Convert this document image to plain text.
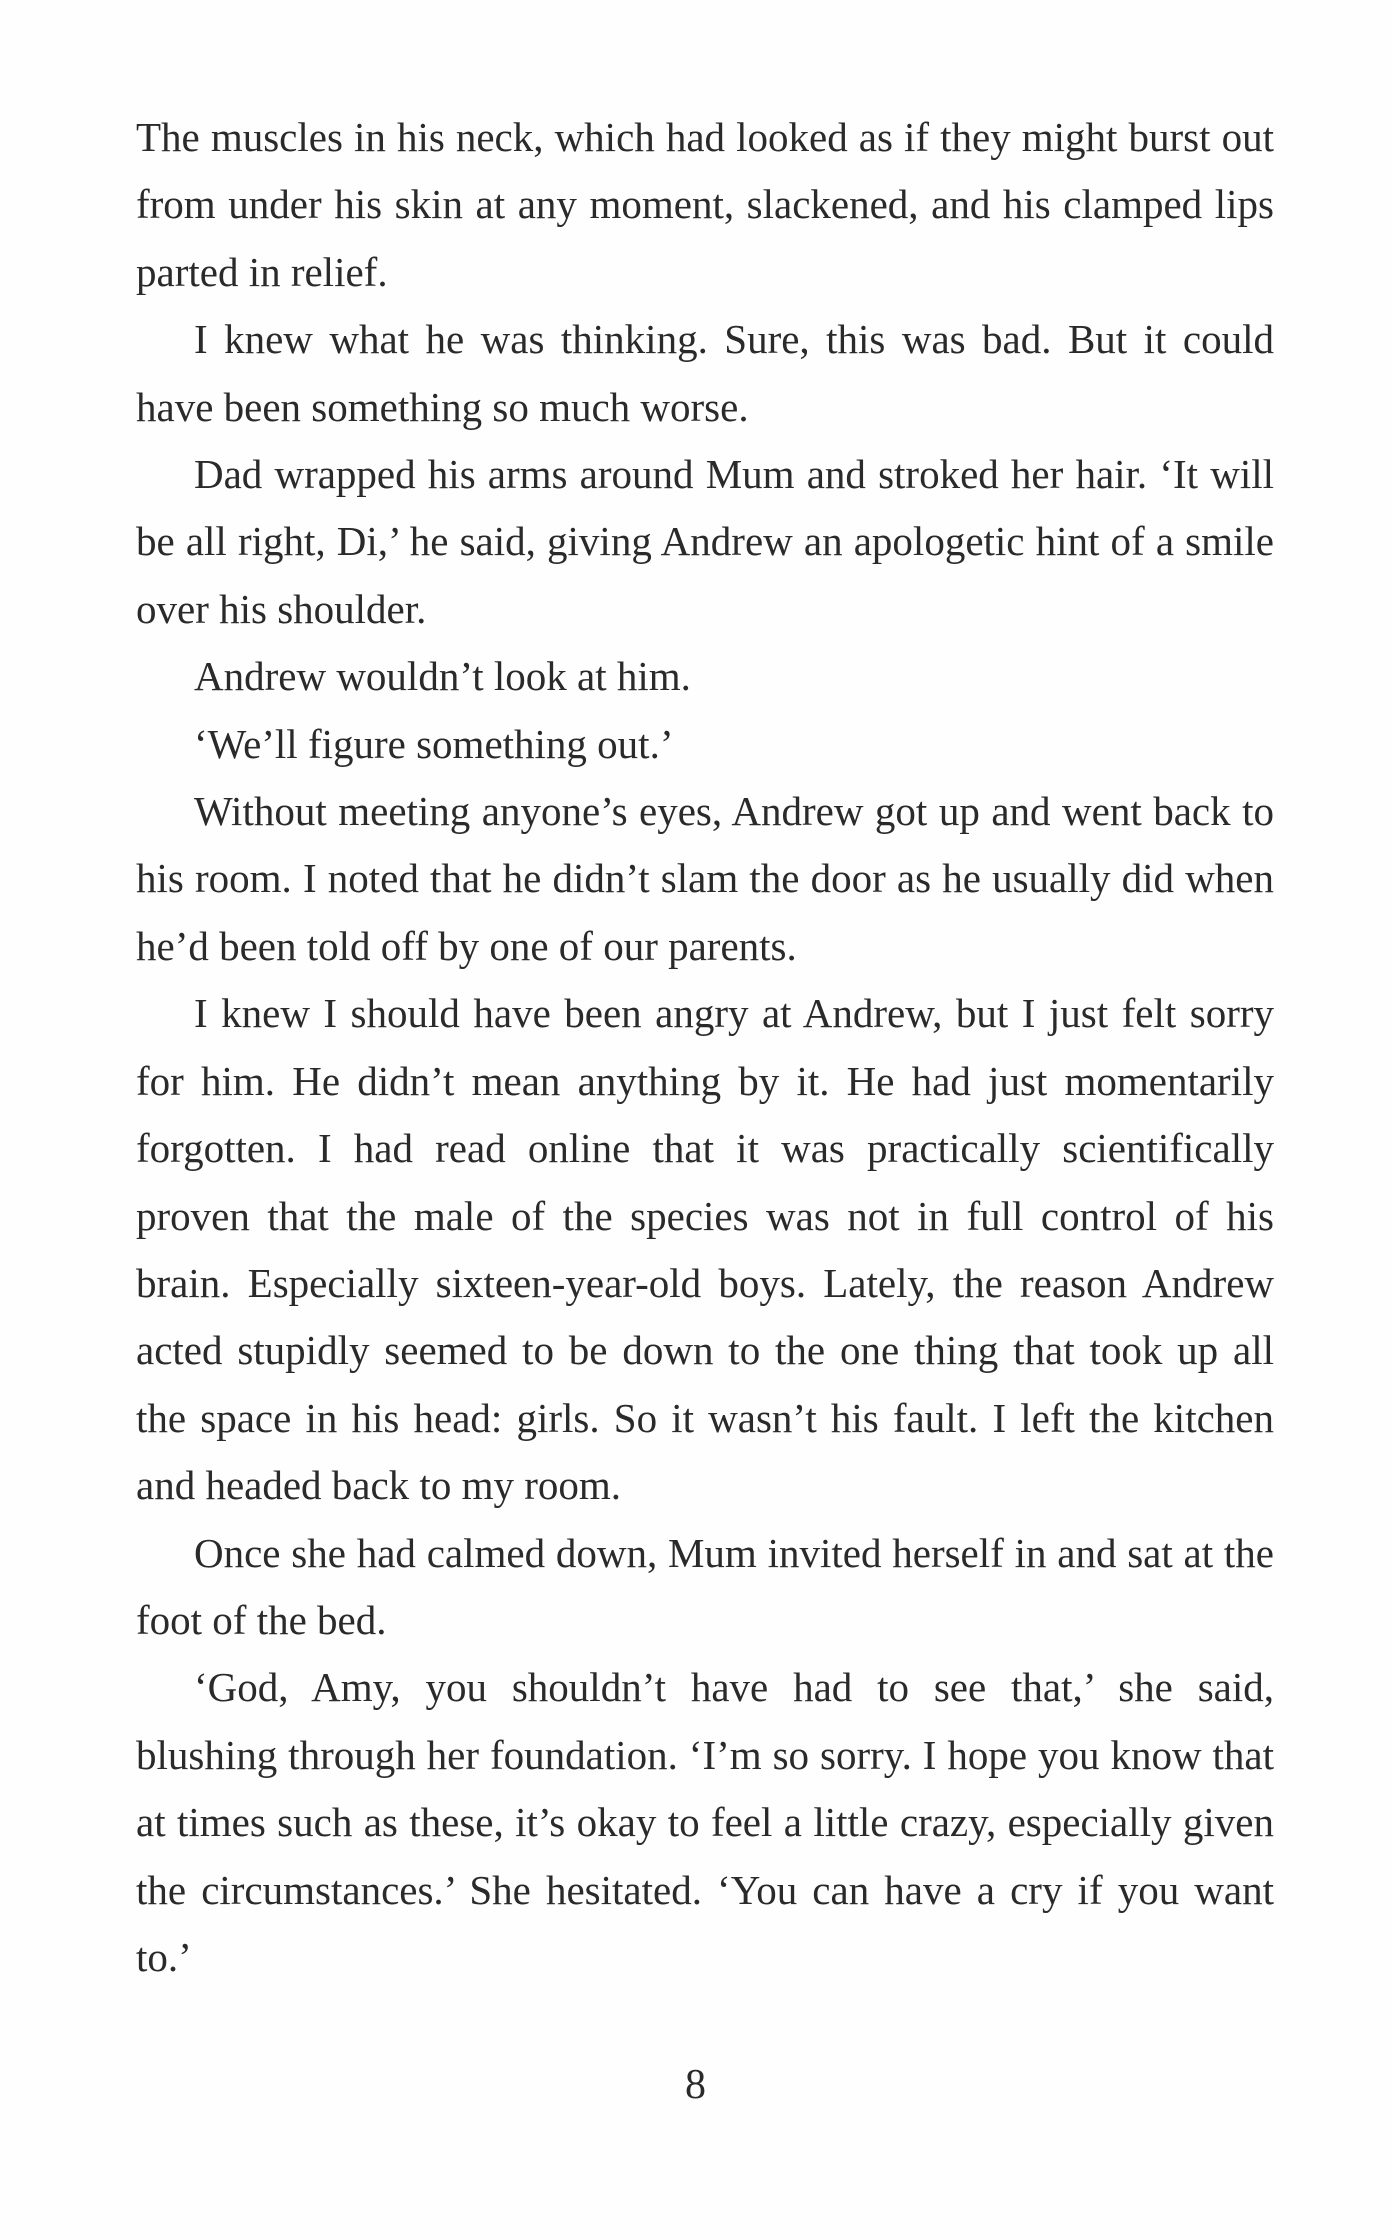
The muscles in his neck, which had looked as if they might burst out from under his skin at any moment, slackened, and his clamped lips parted in relief.

I knew what he was thinking. Sure, this was bad. But it could have been something so much worse.

Dad wrapped his arms around Mum and stroked her hair. ‘It will be all right, Di,’ he said, giving Andrew an apologetic hint of a smile over his shoulder.

Andrew wouldn’t look at him.

‘We’ll figure something out.’

Without meeting anyone’s eyes, Andrew got up and went back to his room. I noted that he didn’t slam the door as he usually did when he’d been told off by one of our parents.

I knew I should have been angry at Andrew, but I just felt sorry for him. He didn’t mean anything by it. He had just momentarily forgotten. I had read online that it was practically scientifically proven that the male of the species was not in full control of his brain. Especially sixteen-year-old boys. Lately, the reason Andrew acted stupidly seemed to be down to the one thing that took up all the space in his head: girls. So it wasn’t his fault. I left the kitchen and headed back to my room.

Once she had calmed down, Mum invited herself in and sat at the foot of the bed.

‘God, Amy, you shouldn’t have had to see that,’ she said, blushing through her foundation. ‘I’m so sorry. I hope you know that at times such as these, it’s okay to feel a little crazy, especially given the circumstances.’ She hesitated. ‘You can have a cry if you want to.’

8
